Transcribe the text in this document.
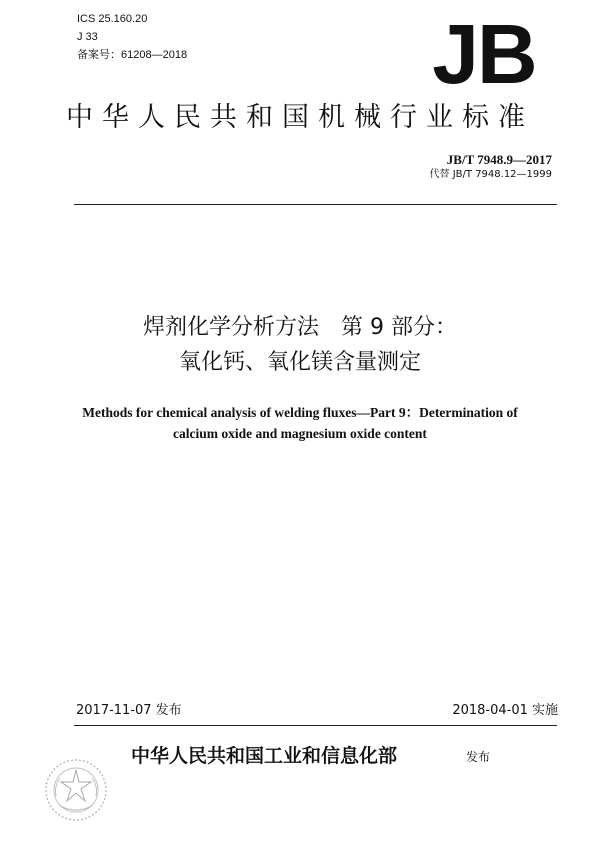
ICS 25.160.20
J 33
备案号：61208—2018	JB
中华人民共和国机械行业标准
JB/T 7948.9—2017
代替 JB/T 7948.12—1999
焊剂化学分析方法　第 9 部分：
氧化钙、氧化镁含量测定
Methods for chemical analysis of welding fluxes—Part 9：Determination of
calcium oxide and magnesium oxide content
2017-11-07 发布	2018-04-01 实施
中华人民共和国工业和信息化部	发布
